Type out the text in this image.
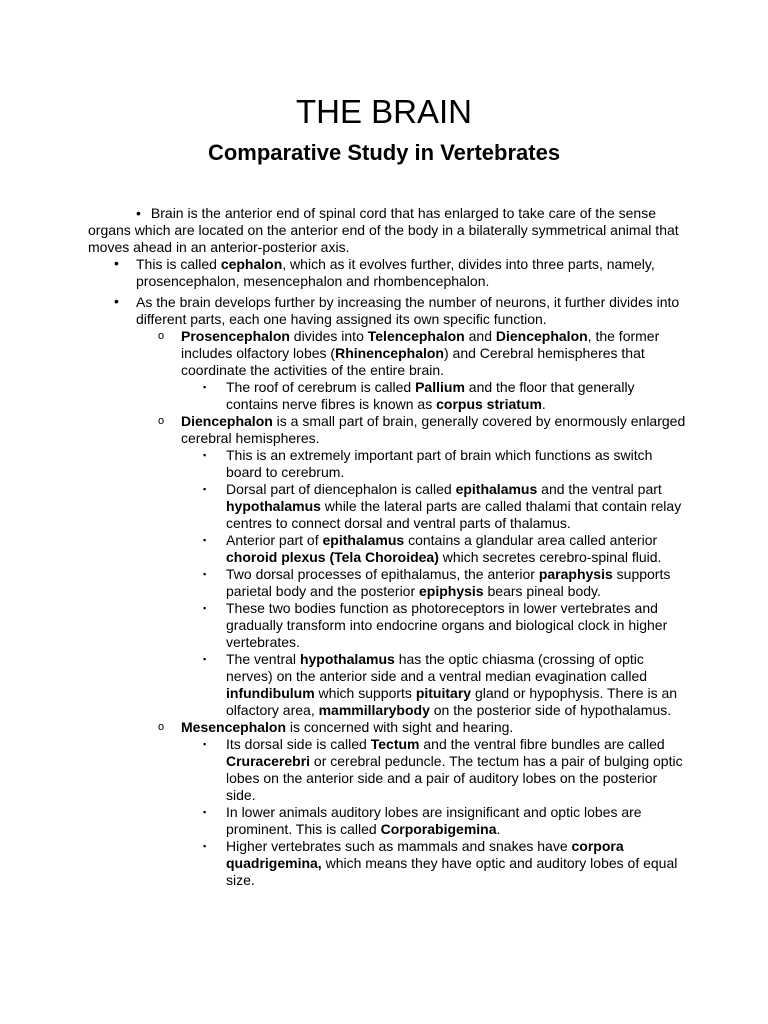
THE BRAIN
Comparative Study in Vertebrates
• Brain is the anterior end of spinal cord that has enlarged to take care of the sense organs which are located on the anterior end of the body in a bilaterally symmetrical animal that moves ahead in an anterior-posterior axis.
• This is called cephalon, which as it evolves further, divides into three parts, namely, prosencephalon, mesencephalon and rhombencephalon.
• As the brain develops further by increasing the number of neurons, it further divides into different parts, each one having assigned its own specific function.
o Prosencephalon divides into Telencephalon and Diencephalon, the former includes olfactory lobes (Rhinencephalon) and Cerebral hemispheres that coordinate the activities of the entire brain.
▪ The roof of cerebrum is called Pallium and the floor that generally contains nerve fibres is known as corpus striatum.
o Diencephalon is a small part of brain, generally covered by enormously enlarged cerebral hemispheres.
▪ This is an extremely important part of brain which functions as switch board to cerebrum.
▪ Dorsal part of diencephalon is called epithalamus and the ventral part hypothalamus while the lateral parts are called thalami that contain relay centres to connect dorsal and ventral parts of thalamus.
▪ Anterior part of epithalamus contains a glandular area called anterior choroid plexus (Tela Choroidea) which secretes cerebro-spinal fluid.
▪ Two dorsal processes of epithalamus, the anterior paraphysis supports parietal body and the posterior epiphysis bears pineal body.
▪ These two bodies function as photoreceptors in lower vertebrates and gradually transform into endocrine organs and biological clock in higher vertebrates.
▪ The ventral hypothalamus has the optic chiasma (crossing of optic nerves) on the anterior side and a ventral median evagination called infundibulum which supports pituitary gland or hypophysis. There is an olfactory area, mammillarybody on the posterior side of hypothalamus.
o Mesencephalon is concerned with sight and hearing.
▪ Its dorsal side is called Tectum and the ventral fibre bundles are called Cruracerebri or cerebral peduncle. The tectum has a pair of bulging optic lobes on the anterior side and a pair of auditory lobes on the posterior side.
▪ In lower animals auditory lobes are insignificant and optic lobes are prominent. This is called Corporabigemina.
▪ Higher vertebrates such as mammals and snakes have corpora quadrigemina, which means they have optic and auditory lobes of equal size.
